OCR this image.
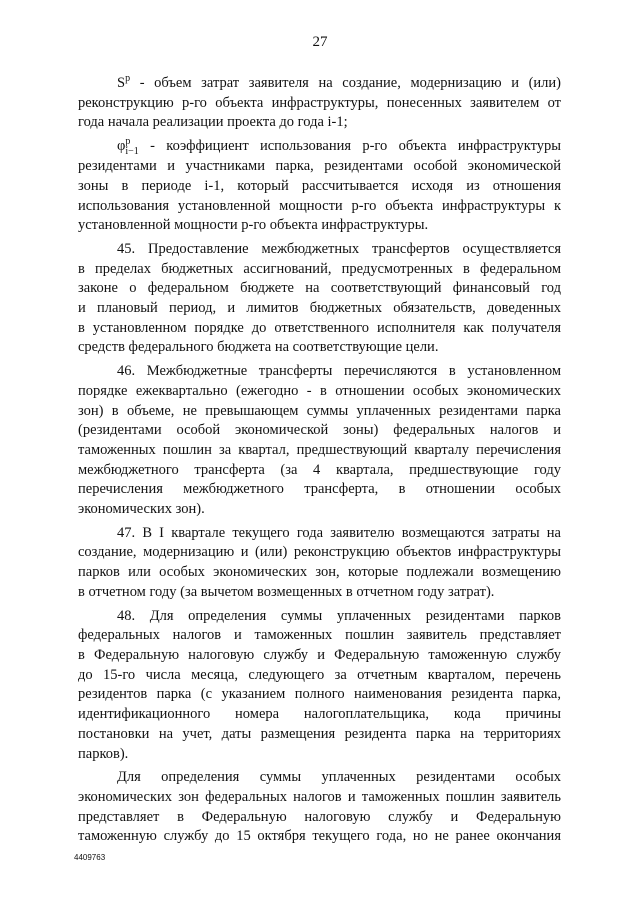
27
$S^p$ - объем затрат заявителя на создание, модернизацию и (или)
реконструкцию р-го объекта инфраструктуры, понесенных заявителем от
года начала реализации проекта до года i-1;
φp
i−1 - коэффициент использования р-го объекта инфраструктуры
резидентами и участниками парка, резидентами особой экономической
зоны в периоде i-1, который рассчитывается исходя из отношения
использования установленной мощности р-го объекта инфраструктуры к
установленной мощности р-го объекта инфраструктуры.
45. Предоставление межбюджетных трансфертов осуществляется
в пределах бюджетных ассигнований, предусмотренных в федеральном
законе о федеральном бюджете на соответствующий финансовый год
и плановый период, и лимитов бюджетных обязательств, доведенных
в установленном порядке до ответственного исполнителя как получателя
средств федерального бюджета на соответствующие цели.
46. Межбюджетные трансферты перечисляются в установленном
порядке ежеквартально (ежегодно - в отношении особых экономических
зон) в объеме, не превышающем суммы уплаченных резидентами парка
(резидентами особой экономической зоны) федеральных налогов и
таможенных пошлин за квартал, предшествующий кварталу перечисления
межбюджетного трансферта (за 4 квартала, предшествующие году
перечисления межбюджетного трансферта, в отношении особых
экономических зон).
47. В I квартале текущего года заявителю возмещаются затраты на
создание, модернизацию и (или) реконструкцию объектов инфраструктуры
парков или особых экономических зон, которые подлежали возмещению
в отчетном году (за вычетом возмещенных в отчетном году затрат).
48. Для определения суммы уплаченных резидентами парков
федеральных налогов и таможенных пошлин заявитель представляет
в Федеральную налоговую службу и Федеральную таможенную службу
до 15-го числа месяца, следующего за отчетным кварталом, перечень
резидентов парка (с указанием полного наименования резидента парка,
идентификационного номера налогоплательщика, кода причины
постановки на учет, даты размещения резидента парка на территориях
парков).
Для определения суммы уплаченных резидентами особых
экономических зон федеральных налогов и таможенных пошлин заявитель
представляет в Федеральную налоговую службу и Федеральную
таможенную службу до 15 октября текущего года, но не ранее окончания
4409763
